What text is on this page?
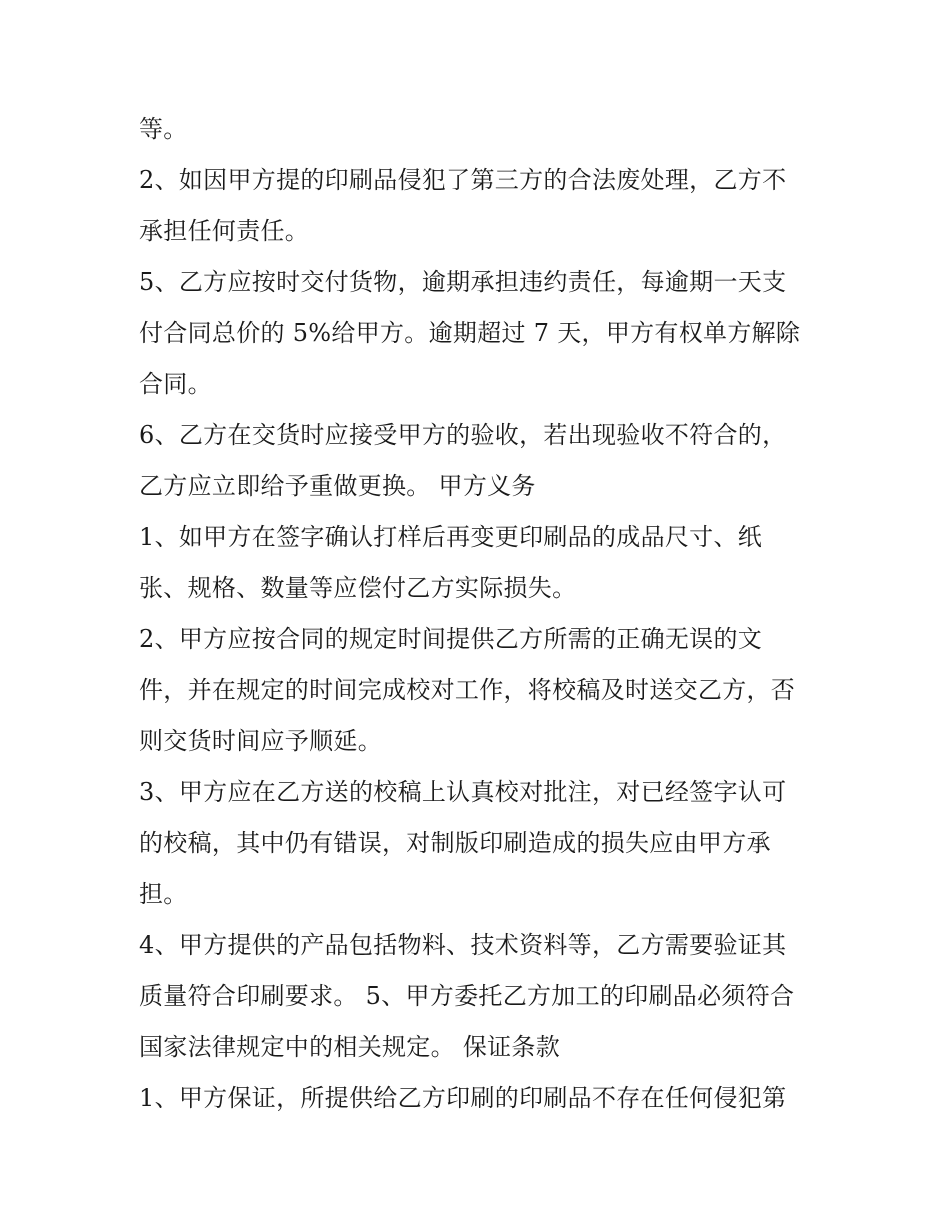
等。
2、如因甲方提的印刷品侵犯了第三方的合法废处理，乙方不
承担任何责任。
5、乙方应按时交付货物，逾期承担违约责任，每逾期一天支
付合同总价的 5%给甲方。逾期超过 7 天，甲方有权单方解除
合同。
6、乙方在交货时应接受甲方的验收，若出现验收不符合的，
乙方应立即给予重做更换。 甲方义务
1、如甲方在签字确认打样后再变更印刷品的成品尺寸、纸
张、规格、数量等应偿付乙方实际损失。
2、甲方应按合同的规定时间提供乙方所需的正确无误的文
件，并在规定的时间完成校对工作，将校稿及时送交乙方，否
则交货时间应予顺延。
3、甲方应在乙方送的校稿上认真校对批注，对已经签字认可
的校稿，其中仍有错误，对制版印刷造成的损失应由甲方承
担。
4、甲方提供的产品包括物料、技术资料等，乙方需要验证其
质量符合印刷要求。 5、甲方委托乙方加工的印刷品必须符合
国家法律规定中的相关规定。 保证条款
1、甲方保证，所提供给乙方印刷的印刷品不存在任何侵犯第
